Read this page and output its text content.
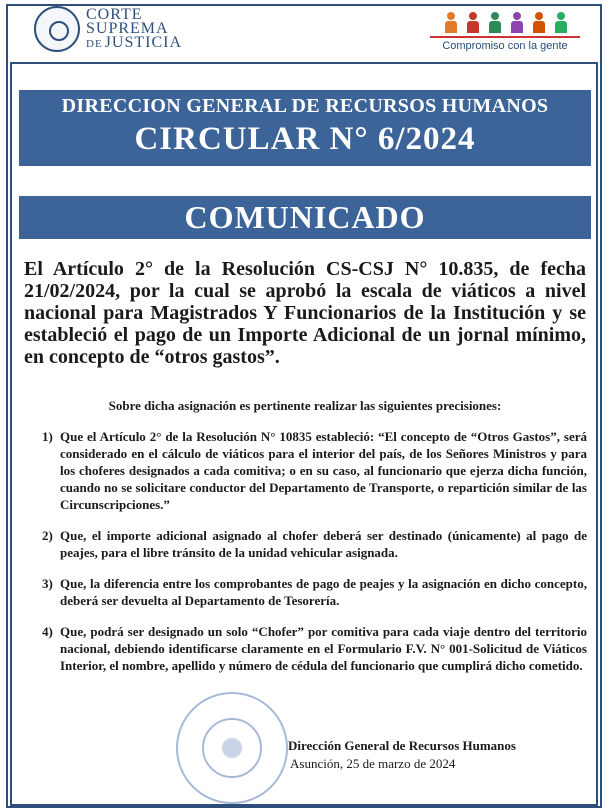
CORTE
SUPREMA
DE JUSTICIA	Compromiso con la gente
DIRECCION GENERAL DE RECURSOS HUMANOS
CIRCULAR N° 6/2024
COMUNICADO
El Artículo 2° de la Resolución CS-CSJ N° 10.835, de fecha 21/02/2024, por la cual se aprobó la escala de viáticos a nivel nacional para Magistrados Y Funcionarios de la Institución y se estableció el pago de un Importe Adicional de un jornal mínimo, en concepto de “otros gastos”.
Sobre dicha asignación es pertinente realizar las siguientes precisiones:
1) Que el Artículo 2° de la Resolución N° 10835 estableció: “El concepto de “Otros Gastos”, será considerado en el cálculo de viáticos para el interior del país, de los Señores Ministros y para los choferes designados a cada comitiva; o en su caso, al funcionario que ejerza dicha función, cuando no se solicitare conductor del Departamento de Transporte, o repartición similar de las Circunscripciones.”
2) Que, el importe adicional asignado al chofer deberá ser destinado (únicamente) al pago de peajes, para el libre tránsito de la unidad vehicular asignada.
3) Que, la diferencia entre los comprobantes de pago de peajes y la asignación en dicho concepto, deberá ser devuelta al Departamento de Tesorería.
4) Que, podrá ser designado un solo “Chofer” por comitiva para cada viaje dentro del territorio nacional, debiendo identificarse claramente en el Formulario F.V. N° 001-Solicitud de Viáticos Interior, el nombre, apellido y número de cédula del funcionario que cumplirá dicho cometido.
Dirección General de Recursos Humanos
Asunción, 25 de marzo de 2024
